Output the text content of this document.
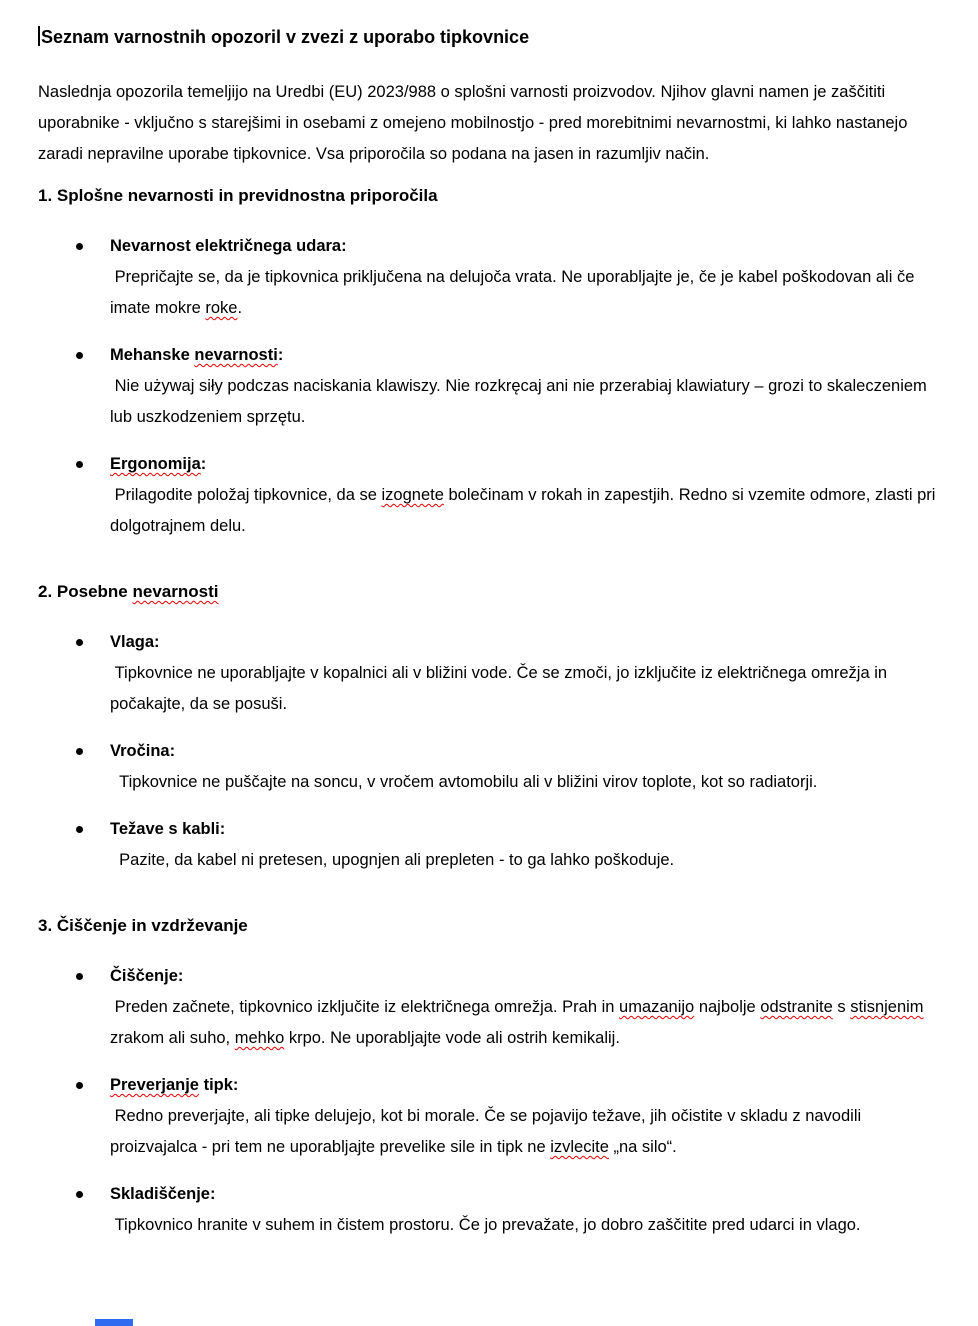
Seznam varnostnih opozoril v zvezi z uporabo tipkovnice

Naslednja opozorila temeljijo na Uredbi (EU) 2023/988 o splošni varnosti proizvodov. Njihov glavni namen je zaščititi uporabnike - vključno s starejšimi in osebami z omejeno mobilnostjo - pred morebitnimi nevarnostmi, ki lahko nastanejo zaradi nepravilne uporabe tipkovnice. Vsa priporočila so podana na jasen in razumljiv način.

1. Splošne nevarnosti in previdnostna priporočila
Nevarnost električnega udara:
Prepričajte se, da je tipkovnica priključena na delujoča vrata. Ne uporabljajte je, če je kabel poškodovan ali če imate mokre roke.
Mehanske nevarnosti:
Nie używaj siły podczas naciskania klawiszy. Nie rozkręcaj ani nie przerabiaj klawiatury – grozi to skaleczeniem lub uszkodzeniem sprzętu.
Ergonomija:
Prilagodite položaj tipkovnice, da se izognete bolečinam v rokah in zapestjih. Redno si vzemite odmore, zlasti pri dolgotrajnem delu.
2. Posebne nevarnosti
Vlaga:
Tipkovnice ne uporabljajte v kopalnici ali v bližini vode. Če se zmoči, jo izključite iz električnega omrežja in počakajte, da se posuši.
Vročina:
Tipkovnice ne puščajte na soncu, v vročem avtomobilu ali v bližini virov toplote, kot so radiatorji.
Težave s kabli:
Pazite, da kabel ni pretesen, upognjen ali prepleten - to ga lahko poškoduje.
3. Čiščenje in vzdrževanje
Čiščenje:
Preden začnete, tipkovnico izključite iz električnega omrežja. Prah in umazanijo najbolje odstranite s stisnjenim zrakom ali suho, mehko krpo. Ne uporabljajte vode ali ostrih kemikalij.
Preverjanje tipk:
Redno preverjajte, ali tipke delujejo, kot bi morale. Če se pojavijo težave, jih očistite v skladu z navodili proizvajalca - pri tem ne uporabljajte prevelike sile in tipk ne izvlecite „na silo“.
Skladiščenje:
Tipkovnico hranite v suhem in čistem prostoru. Če jo prevažate, jo dobro zaščitite pred udarci in vlago.
